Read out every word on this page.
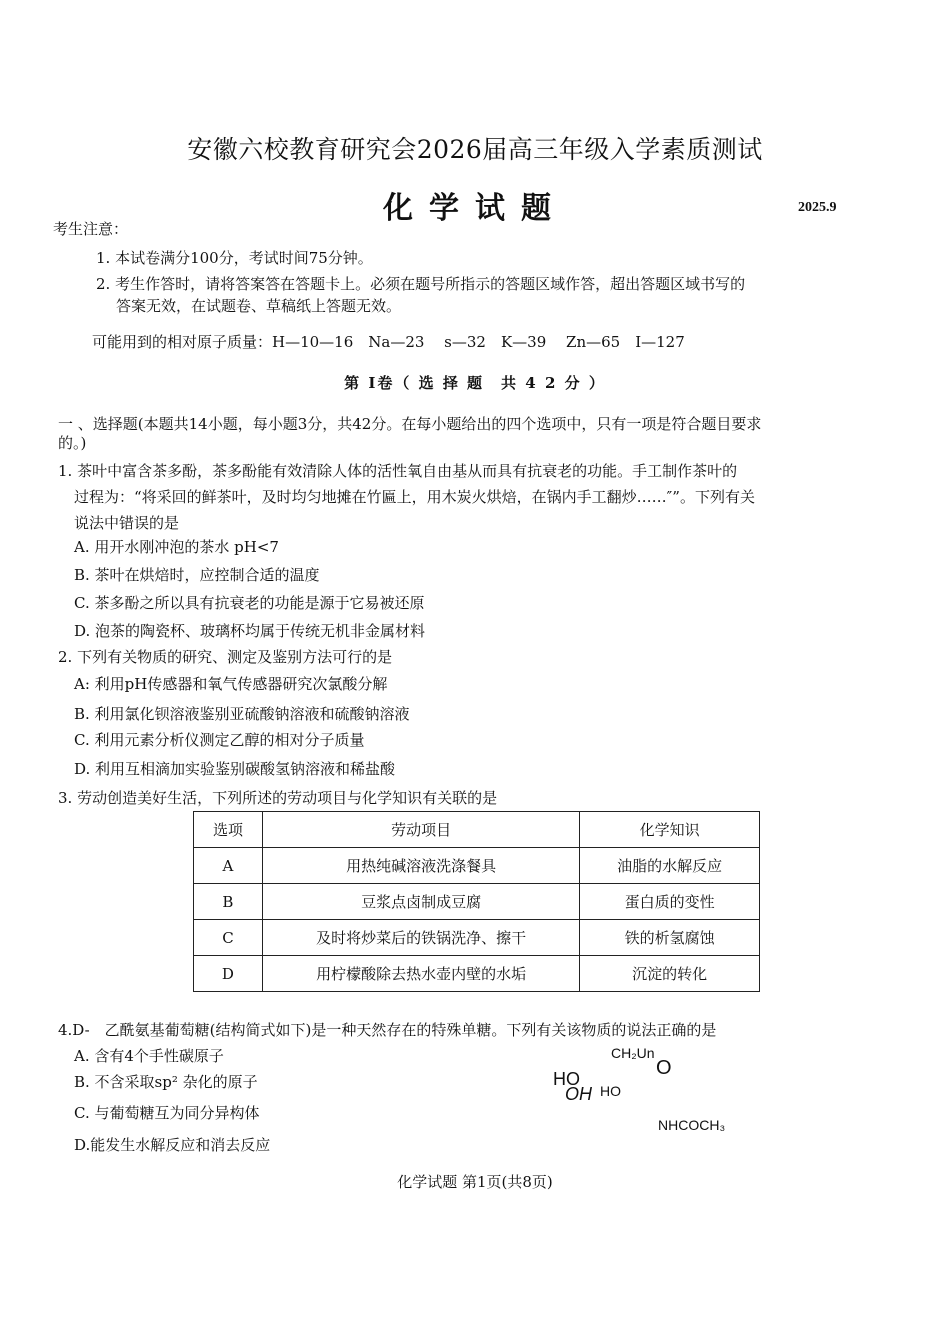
安徽六校教育研究会2026届高三年级入学素质测试
化学试题	2025.9
考生注意：
1. 本试卷满分100分，考试时间75分钟。
2. 考生作答时，请将答案答在答题卡上。必须在题号所指示的答题区域作答，超出答题区域书写的
答案无效，在试题卷、草稿纸上答题无效。
可能用到的相对原子质量：H—10—16　Na—23　 s—32　K—39　 Zn—65　I—127
第 I卷（ 选 择 题　共 4 2 分 ）
一 、选择题(本题共14小题，每小题3分，共42分。在每小题给出的四个选项中，只有一项是符合题目要求
的。)
1. 茶叶中富含茶多酚，茶多酚能有效清除人体的活性氧自由基从而具有抗衰老的功能。手工制作茶叶的
过程为：“将采回的鲜茶叶，及时均匀地摊在竹匾上，用木炭火烘焙，在锅内手工翻炒……″”。下列有关
说法中错误的是
A. 用开水刚冲泡的茶水 pH<7
B. 茶叶在烘焙时，应控制合适的温度
C. 茶多酚之所以具有抗衰老的功能是源于它易被还原
D. 泡茶的陶瓷杯、玻璃杯均属于传统无机非金属材料
2. 下列有关物质的研究、测定及鉴别方法可行的是
A: 利用pH传感器和氧气传感器研究次氯酸分解
B. 利用氯化钡溶液鉴别亚硫酸钠溶液和硫酸钠溶液
C. 利用元素分析仪测定乙醇的相对分子质量
D. 利用互相滴加实验鉴别碳酸氢钠溶液和稀盐酸
3. 劳动创造美好生活，下列所述的劳动项目与化学知识有关联的是
选项	劳动项目	化学知识
A	用热纯碱溶液洗涤餐具	油脂的水解反应
B	豆浆点卤制成豆腐	蛋白质的变性
C	及时将炒菜后的铁锅洗净、擦干	铁的析氢腐蚀
D	用柠檬酸除去热水壶内壁的水垢	沉淀的转化
4.D-　乙酰氨基葡萄糖(结构简式如下)是一种天然存在的特殊单糖。下列有关该物质的说法正确的是
A. 含有4个手性碳原子
B. 不含采取sp² 杂化的原子
C. 与葡萄糖互为同分异构体
D.能发生水解反应和消去反应
CH₂Un
O
HO
OH HO
NHCOCH₃
化学试题 第1页(共8页)
